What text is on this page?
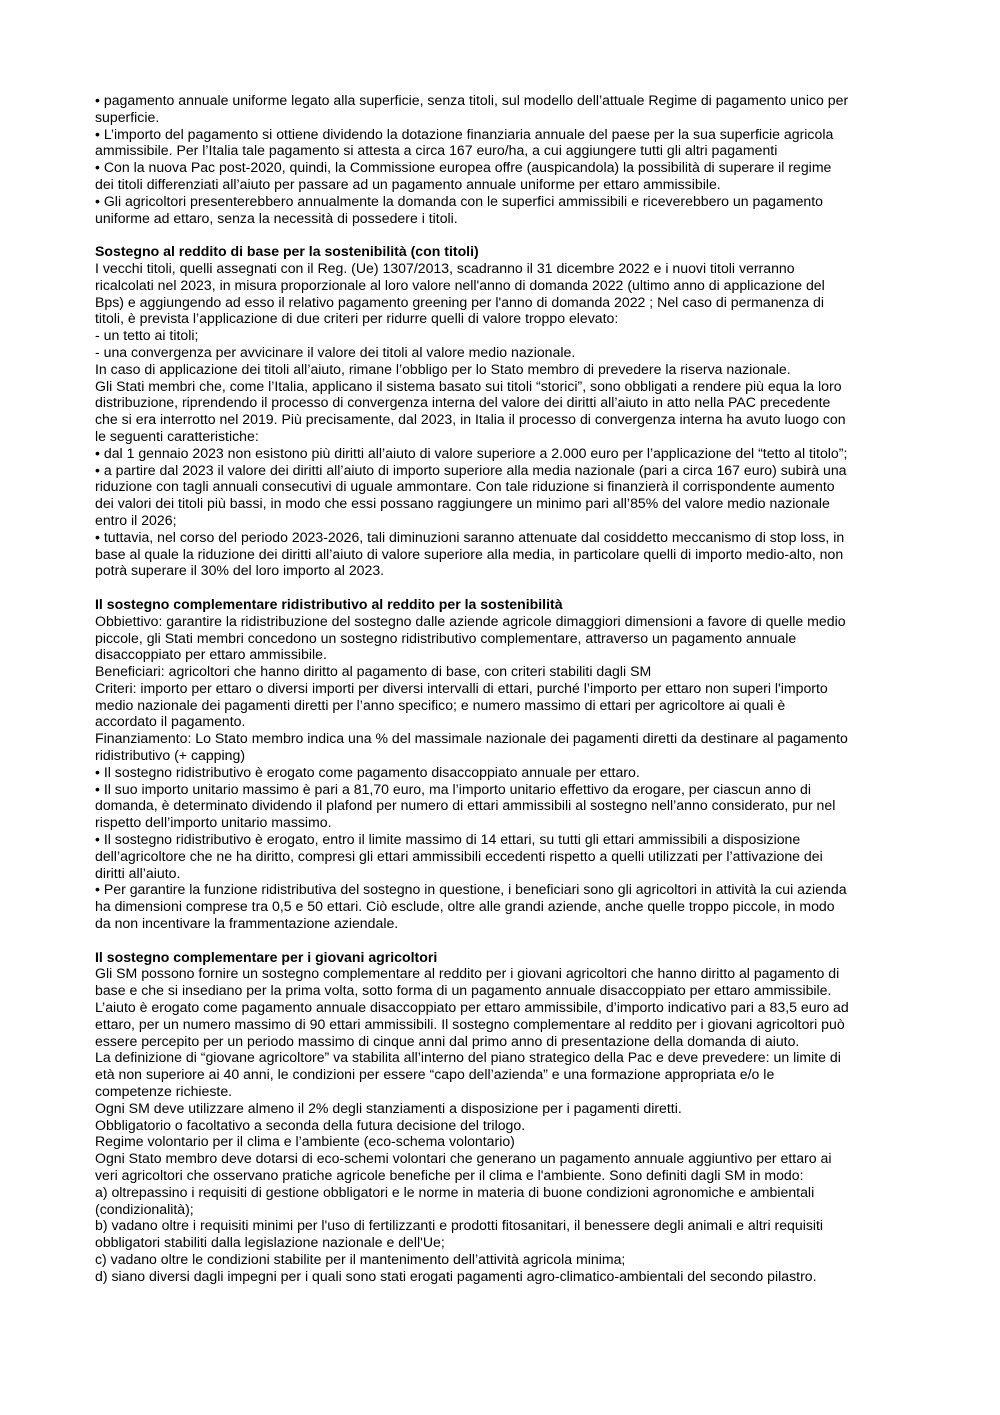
• pagamento annuale uniforme legato alla superficie, senza titoli, sul modello dell’attuale Regime di pagamento unico per
superficie.
• L’importo del pagamento si ottiene dividendo la dotazione finanziaria annuale del paese per la sua superficie agricola
ammissibile. Per l’Italia tale pagamento si attesta a circa 167 euro/ha, a cui aggiungere tutti gli altri pagamenti
• Con la nuova Pac post-2020, quindi, la Commissione europea offre (auspicandola) la possibilità di superare il regime
dei titoli differenziati all’aiuto per passare ad un pagamento annuale uniforme per ettaro ammissibile.
• Gli agricoltori presenterebbero annualmente la domanda con le superfici ammissibili e riceverebbero un pagamento
uniforme ad ettaro, senza la necessità di possedere i titoli.
Sostegno al reddito di base per la sostenibilità (con titoli)
I vecchi titoli, quelli assegnati con il Reg. (Ue) 1307/2013, scadranno il 31 dicembre 2022 e i nuovi titoli verranno
ricalcolati nel 2023, in misura proporzionale al loro valore nell'anno di domanda 2022 (ultimo anno di applicazione del
Bps) e aggiungendo ad esso il relativo pagamento greening per l'anno di domanda 2022 ; Nel caso di permanenza di
titoli, è prevista l’applicazione di due criteri per ridurre quelli di valore troppo elevato:
- un tetto ai titoli;
- una convergenza per avvicinare il valore dei titoli al valore medio nazionale.
In caso di applicazione dei titoli all’aiuto, rimane l’obbligo per lo Stato membro di prevedere la riserva nazionale.
Gli Stati membri che, come l’Italia, applicano il sistema basato sui titoli “storici”, sono obbligati a rendere più equa la loro
distribuzione, riprendendo il processo di convergenza interna del valore dei diritti all’aiuto in atto nella PAC precedente
che si era interrotto nel 2019. Più precisamente, dal 2023, in Italia il processo di convergenza interna ha avuto luogo con
le seguenti caratteristiche:
• dal 1 gennaio 2023 non esistono più diritti all’aiuto di valore superiore a 2.000 euro per l’applicazione del “tetto al titolo”;
• a partire dal 2023 il valore dei diritti all’aiuto di importo superiore alla media nazionale (pari a circa 167 euro) subirà una
riduzione con tagli annuali consecutivi di uguale ammontare. Con tale riduzione si finanzierà il corrispondente aumento
dei valori dei titoli più bassi, in modo che essi possano raggiungere un minimo pari all’85% del valore medio nazionale
entro il 2026;
• tuttavia, nel corso del periodo 2023-2026, tali diminuzioni saranno attenuate dal cosiddetto meccanismo di stop loss, in
base al quale la riduzione dei diritti all’aiuto di valore superiore alla media, in particolare quelli di importo medio-alto, non
potrà superare il 30% del loro importo al 2023.
Il sostegno complementare ridistributivo al reddito per la sostenibilità
Obbiettivo: garantire la ridistribuzione del sostegno dalle aziende agricole dimaggiori dimensioni a favore di quelle medio
piccole, gli Stati membri concedono un sostegno ridistributivo complementare, attraverso un pagamento annuale
disaccoppiato per ettaro ammissibile.
Beneficiari: agricoltori che hanno diritto al pagamento di base, con criteri stabiliti dagli SM
Criteri: importo per ettaro o diversi importi per diversi intervalli di ettari, purché l’importo per ettaro non superi l'importo
medio nazionale dei pagamenti diretti per l’anno specifico; e numero massimo di ettari per agricoltore ai quali è
accordato il pagamento.
Finanziamento: Lo Stato membro indica una % del massimale nazionale dei pagamenti diretti da destinare al pagamento
ridistributivo (+ capping)
• Il sostegno ridistributivo è erogato come pagamento disaccoppiato annuale per ettaro.
• Il suo importo unitario massimo è pari a 81,70 euro, ma l’importo unitario effettivo da erogare, per ciascun anno di
domanda, è determinato dividendo il plafond per numero di ettari ammissibili al sostegno nell’anno considerato, pur nel
rispetto dell’importo unitario massimo.
• Il sostegno ridistributivo è erogato, entro il limite massimo di 14 ettari, su tutti gli ettari ammissibili a disposizione
dell’agricoltore che ne ha diritto, compresi gli ettari ammissibili eccedenti rispetto a quelli utilizzati per l’attivazione dei
diritti all’aiuto.
• Per garantire la funzione ridistributiva del sostegno in questione, i beneficiari sono gli agricoltori in attività la cui azienda
ha dimensioni comprese tra 0,5 e 50 ettari. Ciò esclude, oltre alle grandi aziende, anche quelle troppo piccole, in modo
da non incentivare la frammentazione aziendale.
Il sostegno complementare per i giovani agricoltori
Gli SM possono fornire un sostegno complementare al reddito per i giovani agricoltori che hanno diritto al pagamento di
base e che si insediano per la prima volta, sotto forma di un pagamento annuale disaccoppiato per ettaro ammissibile.
L’aiuto è erogato come pagamento annuale disaccoppiato per ettaro ammissibile, d’importo indicativo pari a 83,5 euro ad
ettaro, per un numero massimo di 90 ettari ammissibili. Il sostegno complementare al reddito per i giovani agricoltori può
essere percepito per un periodo massimo di cinque anni dal primo anno di presentazione della domanda di aiuto.
La definizione di “giovane agricoltore” va stabilita all’interno del piano strategico della Pac e deve prevedere: un limite di
età non superiore ai 40 anni, le condizioni per essere “capo dell’azienda” e una formazione appropriata e/o le
competenze richieste.
Ogni SM deve utilizzare almeno il 2% degli stanziamenti a disposizione per i pagamenti diretti.
Obbligatorio o facoltativo a seconda della futura decisione del trilogo.
Regime volontario per il clima e l’ambiente (eco-schema volontario)
Ogni Stato membro deve dotarsi di eco-schemi volontari che generano un pagamento annuale aggiuntivo per ettaro ai
veri agricoltori che osservano pratiche agricole benefiche per il clima e l'ambiente. Sono definiti dagli SM in modo:
a) oltrepassino i requisiti di gestione obbligatori e le norme in materia di buone condizioni agronomiche e ambientali
(condizionalità);
b) vadano oltre i requisiti minimi per l'uso di fertilizzanti e prodotti fitosanitari, il benessere degli animali e altri requisiti
obbligatori stabiliti dalla legislazione nazionale e dell'Ue;
c) vadano oltre le condizioni stabilite per il mantenimento dell’attività agricola minima;
d) siano diversi dagli impegni per i quali sono stati erogati pagamenti agro-climatico-ambientali del secondo pilastro.
